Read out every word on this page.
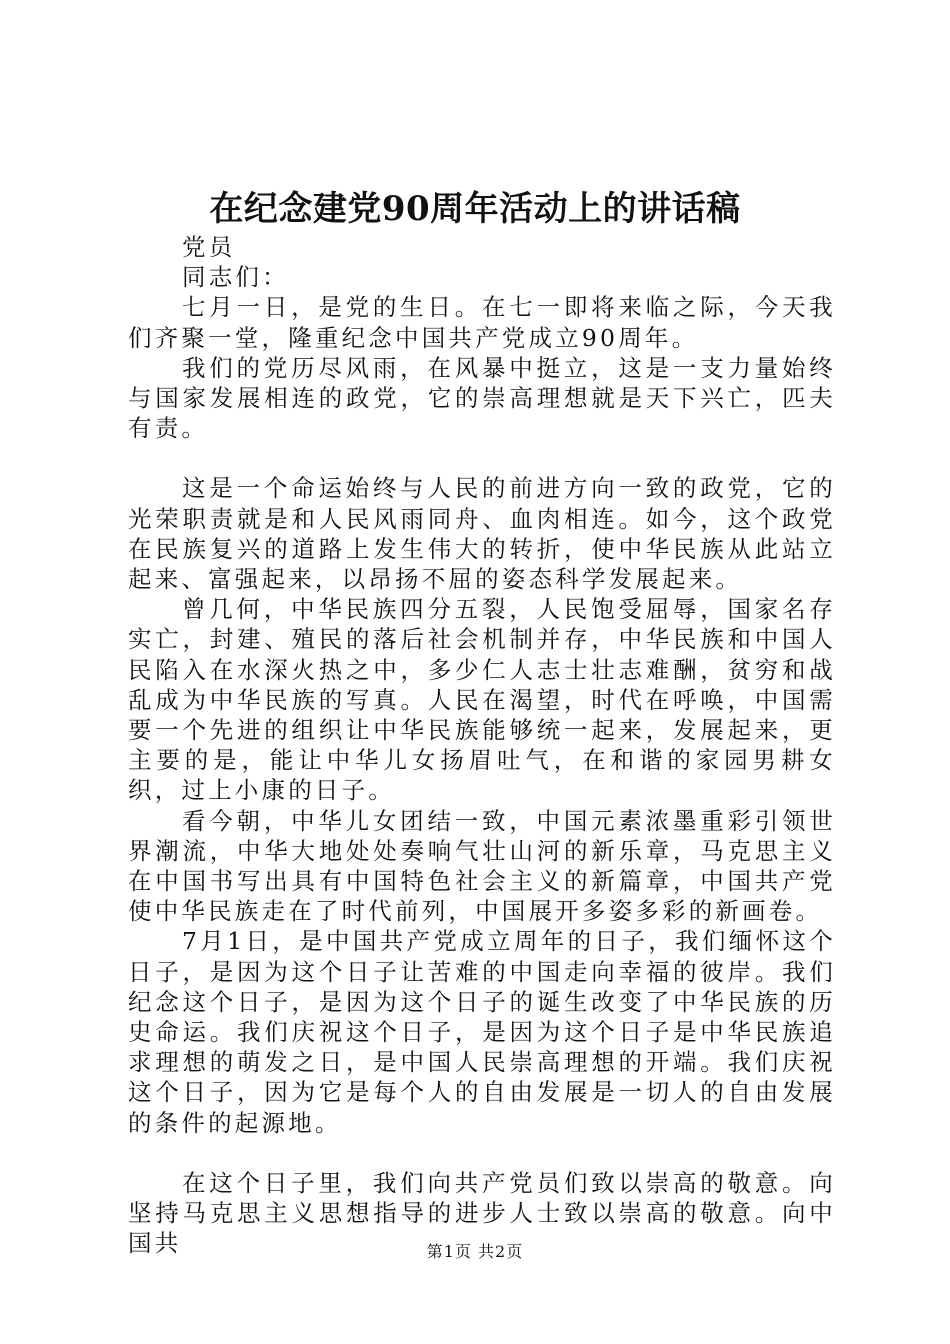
在纪念建党90周年活动上的讲话稿

党员

同志们：

七月一日，是党的生日。在七一即将来临之际，今天我们齐聚一堂，隆重纪念中国共产党成立90周年。

我们的党历尽风雨，在风暴中挺立，这是一支力量始终与国家发展相连的政党，它的崇高理想就是天下兴亡，匹夫有责。

这是一个命运始终与人民的前进方向一致的政党，它的光荣职责就是和人民风雨同舟、血肉相连。如今，这个政党在民族复兴的道路上发生伟大的转折，使中华民族从此站立起来、富强起来，以昂扬不屈的姿态科学发展起来。

曾几何，中华民族四分五裂，人民饱受屈辱，国家名存实亡，封建、殖民的落后社会机制并存，中华民族和中国人民陷入在水深火热之中，多少仁人志士壮志难酬，贫穷和战乱成为中华民族的写真。人民在渴望，时代在呼唤，中国需要一个先进的组织让中华民族能够统一起来，发展起来，更主要的是，能让中华儿女扬眉吐气，在和谐的家园男耕女织，过上小康的日子。

看今朝，中华儿女团结一致，中国元素浓墨重彩引领世界潮流，中华大地处处奏响气壮山河的新乐章，马克思主义在中国书写出具有中国特色社会主义的新篇章，中国共产党使中华民族走在了时代前列，中国展开多姿多彩的新画卷。

7月1日，是中国共产党成立周年的日子，我们缅怀这个日子，是因为这个日子让苦难的中国走向幸福的彼岸。我们纪念这个日子，是因为这个日子的诞生改变了中华民族的历史命运。我们庆祝这个日子，是因为这个日子是中华民族追求理想的萌发之日，是中国人民崇高理想的开端。我们庆祝这个日子，因为它是每个人的自由发展是一切人的自由发展的条件的起源地。

在这个日子里，我们向共产党员们致以崇高的敬意。向坚持马克思主义思想指导的进步人士致以崇高的敬意。向中国共	第1页 共2页
